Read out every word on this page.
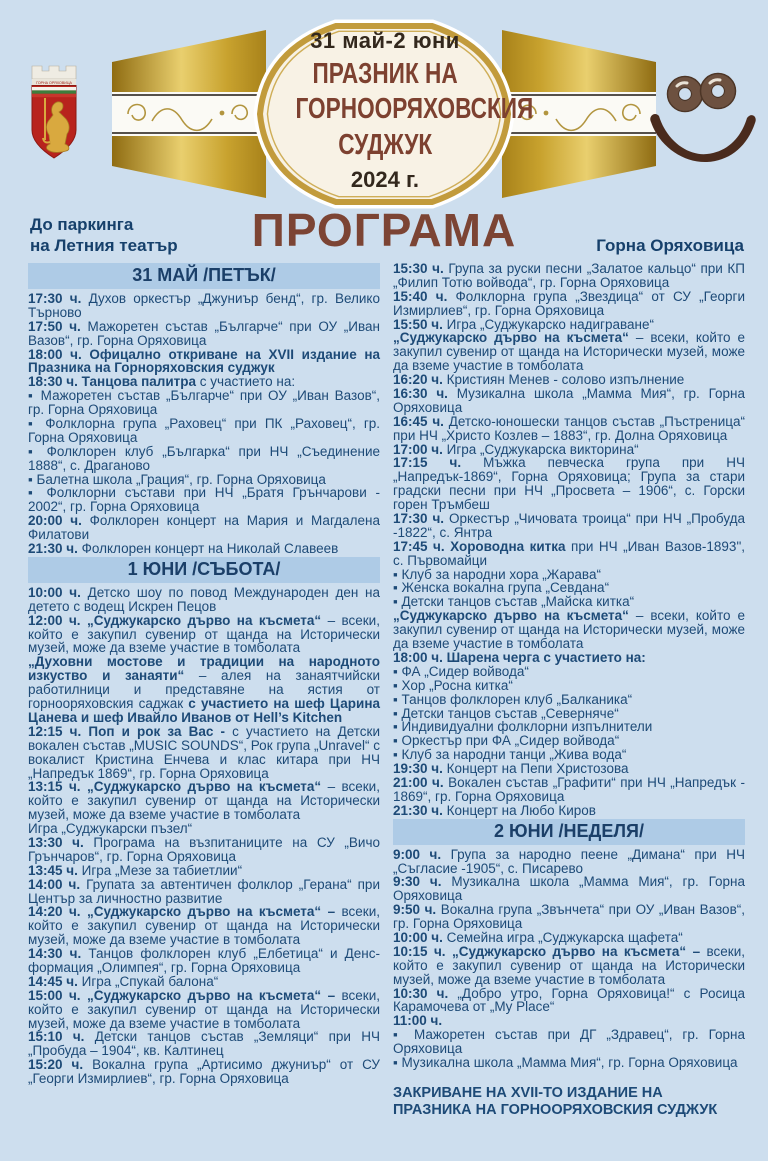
ГОРНА ОРЯХОВИЦА
31 май-2 юни
ПРАЗНИК НА
ГОРНООРЯХОВСКИЯ
СУДЖУК
2024 г.
До паркинга
на Летния театър	ПРОГРАМА	Горна Оряховица
31 МАЙ /ПЕТЪК/

17:30 ч. Духов оркестър „Джуниър бенд“, гр. Велико Търново

17:50 ч. Мажоретен състав „Българче“ при ОУ „Иван Вазов“, гр. Горна Оряховица

18:00 ч. Офицално откриване на XVII издание на Празника на Горноряховския суджук

18:30 ч. Танцова палитра с участието на:

▪ Мажоретен състав „Българче“ при ОУ „Иван Вазов“, гр. Горна Оряховица

▪ Фолклорна група „Раховец“ при ПК „Раховец“, гр. Горна Оряховица

▪ Фолклорен клуб „Българка“ при НЧ „Съединение 1888“, с. Драганово

▪ Балетна школа „Грация“, гр. Горна Оряховица

▪ Фолклорни състави при НЧ „Братя Грънчарови - 2002“, гр. Горна Оряховица

20:00 ч. Фолклорен концерт на Мария и Магдалена Филатови

21:30 ч. Фолклорен концерт на Николай Славеев

1 ЮНИ /СЪБОТА/

10:00 ч. Детско шоу по повод Международен ден на детето с водещ Искрен Пецов

12:00 ч. „Суджукарско дърво на късмета“ – всеки, който е закупил сувенир от щанда на Исторически музей, може да вземе участие в томболата

„Духовни мостове и традиции на народното изкуство и занаяти“ – алея на занаятчийски работилници и представяне на ястия от горнооряховския саджак с участието на шеф Царина Цанева и шеф Ивайло Иванов от Hell’s Kitchen

12:15 ч. Поп и рок за Вас - с участието на Детски вокален състав „MUSIC SOUNDS“, Рок група „Unravel“ с вокалист Кристина Енчева и клас китара при НЧ „Напредък 1869“, гр. Горна Оряховица

13:15 ч. „Суджукарско дърво на късмета“ – всеки, който е закупил сувенир от щанда на Исторически музей, може да вземе участие в томболата

Игра „Суджукарски пъзел“

13:30 ч. Програма на възпитаниците на СУ „Вичо Грънчаров“, гр. Горна Оряховица

13:45 ч. Игра „Мезе за табиетлии“

14:00 ч. Групата за автентичен фолклор „Герана“ при Център за личностно развитие

14:20 ч. „Суджукарско дърво на късмета“ – всеки, който е закупил сувенир от щанда на Исторически музей, може да вземе участие в томболата

14:30 ч. Танцов фолклорен клуб „Елбетица“ и Денс-формация „Олимпея“, гр. Горна Оряховица

14:45 ч. Игра „Спукай балона“

15:00 ч. „Суджукарско дърво на късмета“ – всеки, който е закупил сувенир от щанда на Исторически музей, може да вземе участие в томболата

15:10 ч. Детски танцов състав „Земляци“ при НЧ „Пробуда – 1904“, кв. Калтинец

15:20 ч. Вокална група „Артисимо джуниър“ от СУ „Георги Измирлиев“, гр. Горна Оряховица

15:30 ч. Група за руски песни „Залатое кальцо“ при КП „Филип Тотю войвода“, гр. Горна Оряховица

15:40 ч. Фолклорна група „Звездица“ от СУ „Георги Измирлиев“, гр. Горна Оряховица

15:50 ч. Игра „Суджукарско надиграване“

„Суджукарско дърво на късмета“ – всеки, който е закупил сувенир от щанда на Исторически музей, може да вземе участие в томболата

16:20 ч. Кристиян Менев - солово изпълнение

16:30 ч. Музикална школа „Мамма Мия“, гр. Горна Оряховица

16:45 ч. Детско-юношески танцов състав „Пъстреница“ при НЧ „Христо Козлев – 1883“, гр. Долна Оряховица

17:00 ч. Игра „Суджукарска викторина“

17:15 ч. Мъжка певческа група при НЧ „Напредък-1869“, Горна Оряховица; Група за стари градски песни при НЧ „Просвета – 1906“, с. Горски горен Тръмбеш

17:30 ч. Оркестър „Чичовата троица“ при НЧ „Пробуда -1822“, с. Янтра

17:45 ч. Хороводна китка при НЧ „Иван Вазов-1893", с. Първомайци

▪ Клуб за народни хора „Жарава“

▪ Женска вокална група „Севдана“

▪ Детски танцов състав „Майска китка“

„Суджукарско дърво на късмета“ – всеки, който е закупил сувенир от щанда на Исторически музей, може да вземе участие в томболата

18:00 ч. Шарена черга с участието на:

▪ ФА „Сидер войвода“

▪ Хор „Росна китка“

▪ Танцов фолклорен клуб „Балканика“

▪ Детски танцов състав „Северняче“

▪ Индивидуални фолклорни изпълнители

▪ Оркестър при ФА „Сидер войвода“

▪ Клуб за народни танци „Жива вода“

19:30 ч. Концерт на Пепи Христозова

21:00 ч. Вокален състав „Графити“ при НЧ „Напредък - 1869“, гр. Горна Оряховица

21:30 ч. Концерт на Любо Киров

2 ЮНИ /НЕДЕЛЯ/

9:00 ч. Група за народно пеене „Димана“ при НЧ „Съгласие -1905“, с. Писарево

9:30 ч. Музикална школа „Мамма Мия“, гр. Горна Оряховица

9:50 ч. Вокална група „Звънчета“ при ОУ „Иван Вазов“, гр. Горна Оряховица

10:00 ч. Семейна игра „Суджукарска щафета“

10:15 ч. „Суджукарско дърво на късмета“ – всеки, който е закупил сувенир от щанда на Исторически музей, може да вземе участие в томболата

10:30 ч. „Добро утро, Горна Оряховица!“ с Росица Карамочева от „My Place“

11:00 ч.

▪ Мажоретен състав при ДГ „Здравец“, гр. Горна Оряховица

▪ Музикална школа „Мамма Мия“, гр. Горна Оряховица

ЗАКРИВАНЕ НА XVII-ТО ИЗДАНИЕ НА ПРАЗНИКА НА ГОРНООРЯХОВСКИЯ СУДЖУК
